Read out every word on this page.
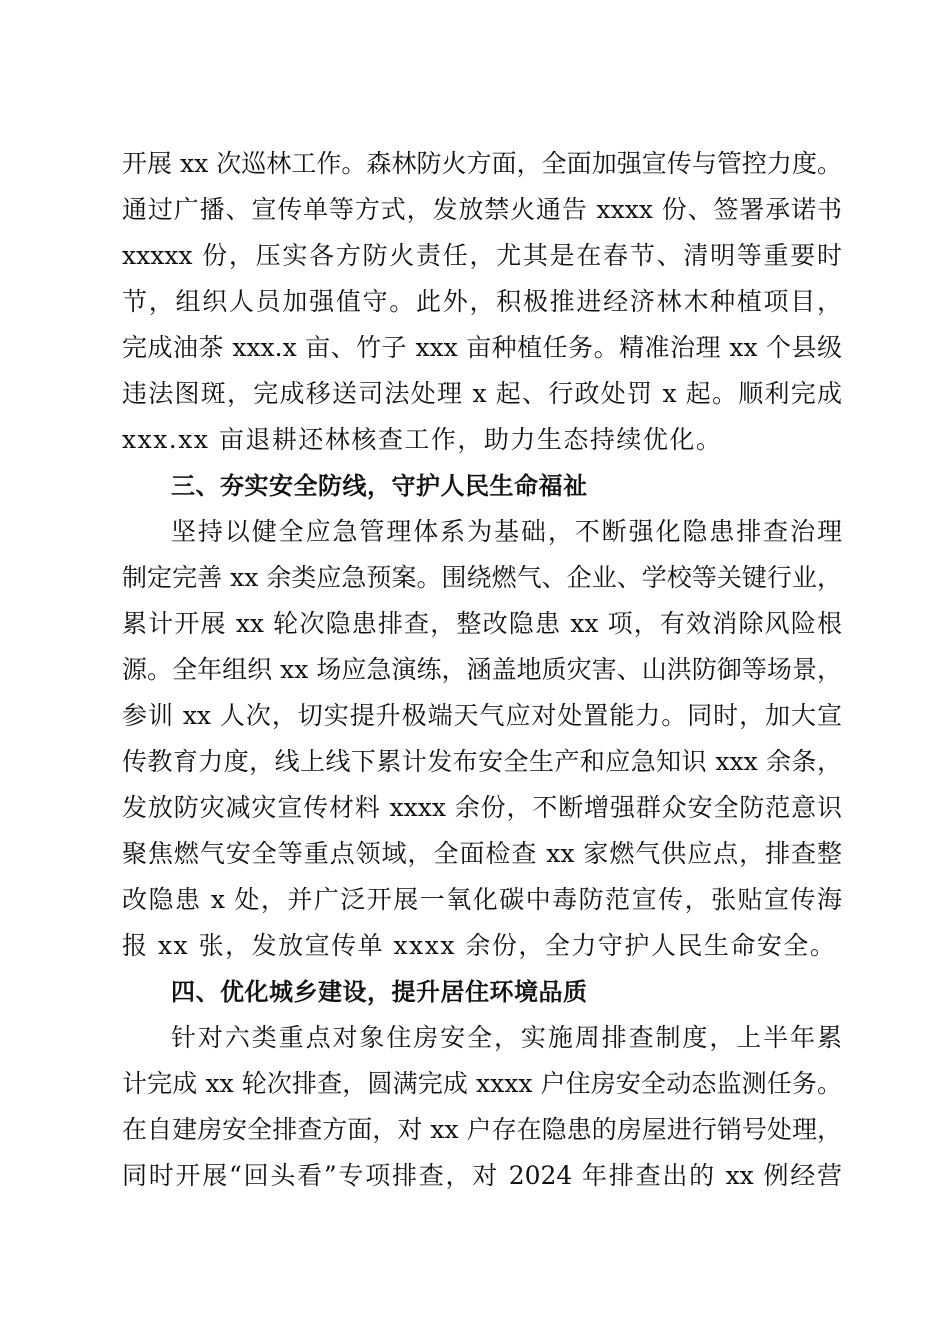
开展 xx 次巡林工作。森林防火方面，全面加强宣传与管控力度。
通过广播、宣传单等方式，发放禁火通告 xxxx 份、签署承诺书
xxxxx 份，压实各方防火责任，尤其是在春节、清明等重要时
节，组织人员加强值守。此外，积极推进经济林木种植项目，
完成油茶 xxx.x 亩、竹子 xxx 亩种植任务。精准治理 xx 个县级
违法图斑，完成移送司法处理 x 起、行政处罚 x 起。顺利完成
xxx.xx 亩退耕还林核查工作，助力生态持续优化。
三、夯实安全防线，守护人民生命福祉
坚持以健全应急管理体系为基础，不断强化隐患排查治理
制定完善 xx 余类应急预案。围绕燃气、企业、学校等关键行业，
累计开展 xx 轮次隐患排查，整改隐患 xx 项，有效消除风险根
源。全年组织 xx 场应急演练，涵盖地质灾害、山洪防御等场景，
参训 xx 人次，切实提升极端天气应对处置能力。同时，加大宣
传教育力度，线上线下累计发布安全生产和应急知识 xxx 余条，
发放防灾减灾宣传材料 xxxx 余份，不断增强群众安全防范意识
聚焦燃气安全等重点领域，全面检查 xx 家燃气供应点，排查整
改隐患 x 处，并广泛开展一氧化碳中毒防范宣传，张贴宣传海
报 xx 张，发放宣传单 xxxx 余份，全力守护人民生命安全。
四、优化城乡建设，提升居住环境品质
针对六类重点对象住房安全，实施周排查制度，上半年累
计完成 xx 轮次排查，圆满完成 xxxx 户住房安全动态监测任务。
在自建房安全排查方面，对 xx 户存在隐患的房屋进行销号处理，
同时开展“回头看”专项排查，对 2024 年排查出的 xx 例经营
